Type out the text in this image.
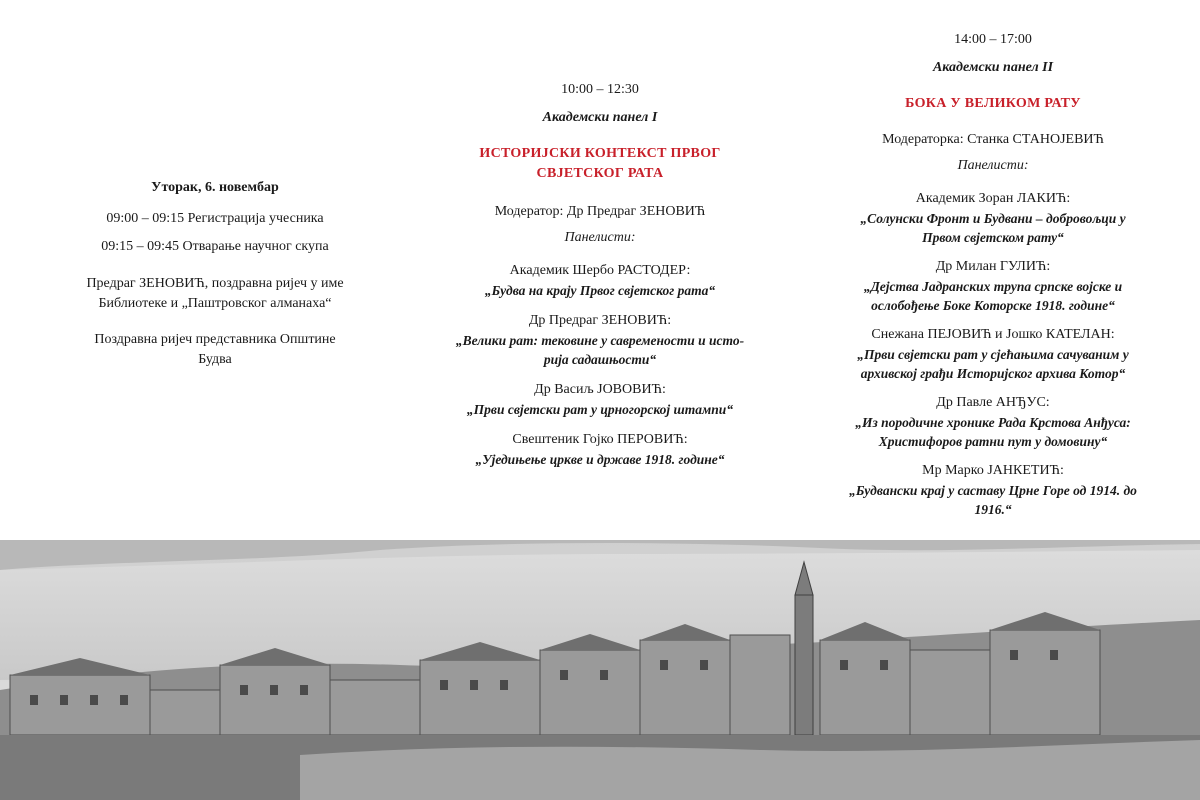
Уторак, 6. новембар

09:00 – 09:15 Регистрација учесника

09:15 – 09:45 Отварање научног скупа

Предраг ЗЕНОВИЋ, поздравна ријеч у име

Библиотеке и „Паштровског алманаха“

Поздравна ријеч представника Општине

Будва

10:00 – 12:30

Академски панел I

ИСТОРИЈСКИ КОНТЕКСТ ПРВОГ

СВЈЕТСКОГ РАТА

Модератор: Др Предраг ЗЕНОВИЋ

Панелисти:

Академик Шербо РАСТОДЕР:

„Будва на крају Првог свјетског рата“

Др Предраг ЗЕНОВИЋ:

„Велики рат: тековине у савремености и исто-

рија садашњости“

Др Васиљ ЈОВОВИЋ:

„Први свјетски рат у црногорској штампи“

Свештеник Гојко ПЕРОВИЋ:

„Уједињење цркве и државе 1918. године“

14:00 – 17:00

Академски панел II

БОКА У ВЕЛИКОМ РАТУ

Модераторка: Станка СТАНОЈЕВИЋ

Панелисти:

Академик Зоран ЛАКИЋ:

„Солунски Фронт и Будвани – добровољци у

Првом свјетском рату“

Др Милан ГУЛИЋ:

„Дејства Јадранских трупа српске војске и

ослобођење Боке Которске 1918. године“

Снежана ПЕЈОВИЋ и Јошко КАТЕЛАН:

„Први свјетски рат у сјећањима сачуваним у

архивској грађи Историјског архива Котор“

Др Павле АНЂУС:

„Из породичне хронике Рада Крстова Анђуса:

Христифоров ратни пут у домовину“

Мр Марко ЈАНКЕТИЋ:

„Будвански крај у саставу Црне Горе од 1914. до

1916.“
